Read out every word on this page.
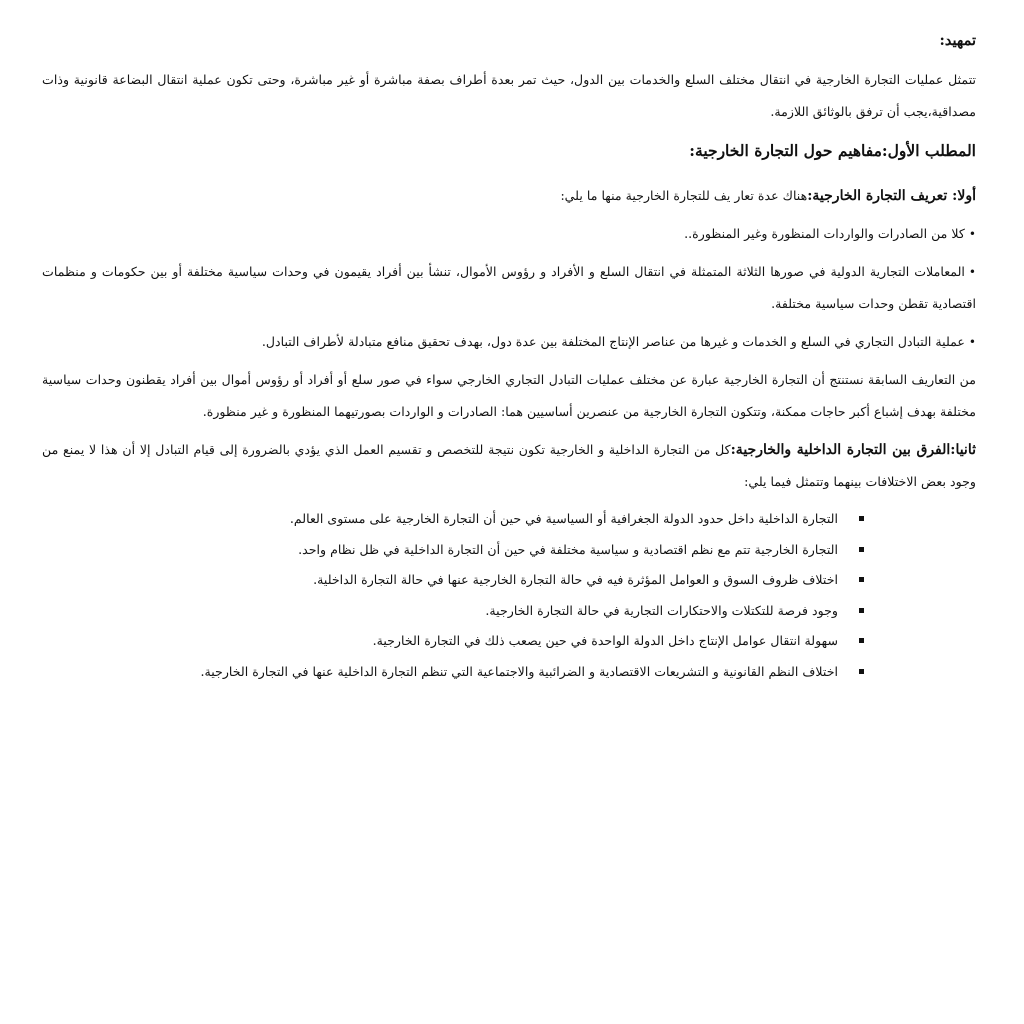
تمهيد:

تتمثل عمليات التجارة الخارجية في انتقال مختلف السلع والخدمات بين الدول، حيث تمر بعدة أطراف بصفة مباشرة أو غير مباشرة، وحتى تكون عملية انتقال البضاعة قانونية وذات مصداقية،يجب أن ترفق بالوثائق اللازمة.

المطلب الأول:مفاهيم حول التجارة الخارجية:

أولا: تعريف التجارة الخارجية:هناك عدة تعار يف للتجارة الخارجية منها ما يلي:

•كلا من الصادرات والواردات المنظورة وغير المنظورة..

•المعاملات التجارية الدولية في صورها الثلاثة المتمثلة في انتقال السلع و الأفراد و رؤوس الأموال، تنشأ بين أفراد يقيمون في وحدات سياسية مختلفة أو بين حكومات و منظمات اقتصادية تقطن وحدات سياسية مختلفة.

•عملية التبادل التجاري في السلع و الخدمات و غيرها من عناصر الإنتاج المختلفة بين عدة دول، بهدف تحقيق منافع متبادلة لأطراف التبادل.

من التعاريف السابقة نستنتج أن التجارة الخارجية عبارة عن مختلف عمليات التبادل التجاري الخارجي سواء في صور سلع أو أفراد أو رؤوس أموال بين أفراد يقطنون وحدات سياسية مختلفة بهدف إشباع أكبر حاجات ممكنة، وتتكون التجارة الخارجية من عنصرين أساسيين هما: الصادرات و الواردات بصورتيهما المنظورة و غير منظورة.

ثانيا:الفرق بين التجارة الداخلية والخارجية:كل من التجارة الداخلية و الخارجية تكون نتيجة للتخصص و تقسيم العمل الذي يؤدي بالضرورة إلى قيام التبادل إلا أن هذا لا يمنع من وجود بعض الاختلافات بينهما وتتمثل فيما يلي:

التجارة الداخلية داخل حدود الدولة الجغرافية أو السياسية في حين أن التجارة الخارجية على مستوى العالم.
التجارة الخارجية تتم مع نظم اقتصادية و سياسية مختلفة في حين أن التجارة الداخلية في ظل نظام واحد.
اختلاف ظروف السوق و العوامل المؤثرة فيه في حالة التجارة الخارجية عنها في حالة التجارة الداخلية.
وجود فرصة للتكتلات والاحتكارات التجارية في حالة التجارة الخارجية.
سهولة انتقال عوامل الإنتاج داخل الدولة الواحدة في حين يصعب ذلك في التجارة الخارجية.
اختلاف النظم القانونية و التشريعات الاقتصادية و الضرائبية والاجتماعية التي تنظم التجارة الداخلية عنها في التجارة الخارجية.
